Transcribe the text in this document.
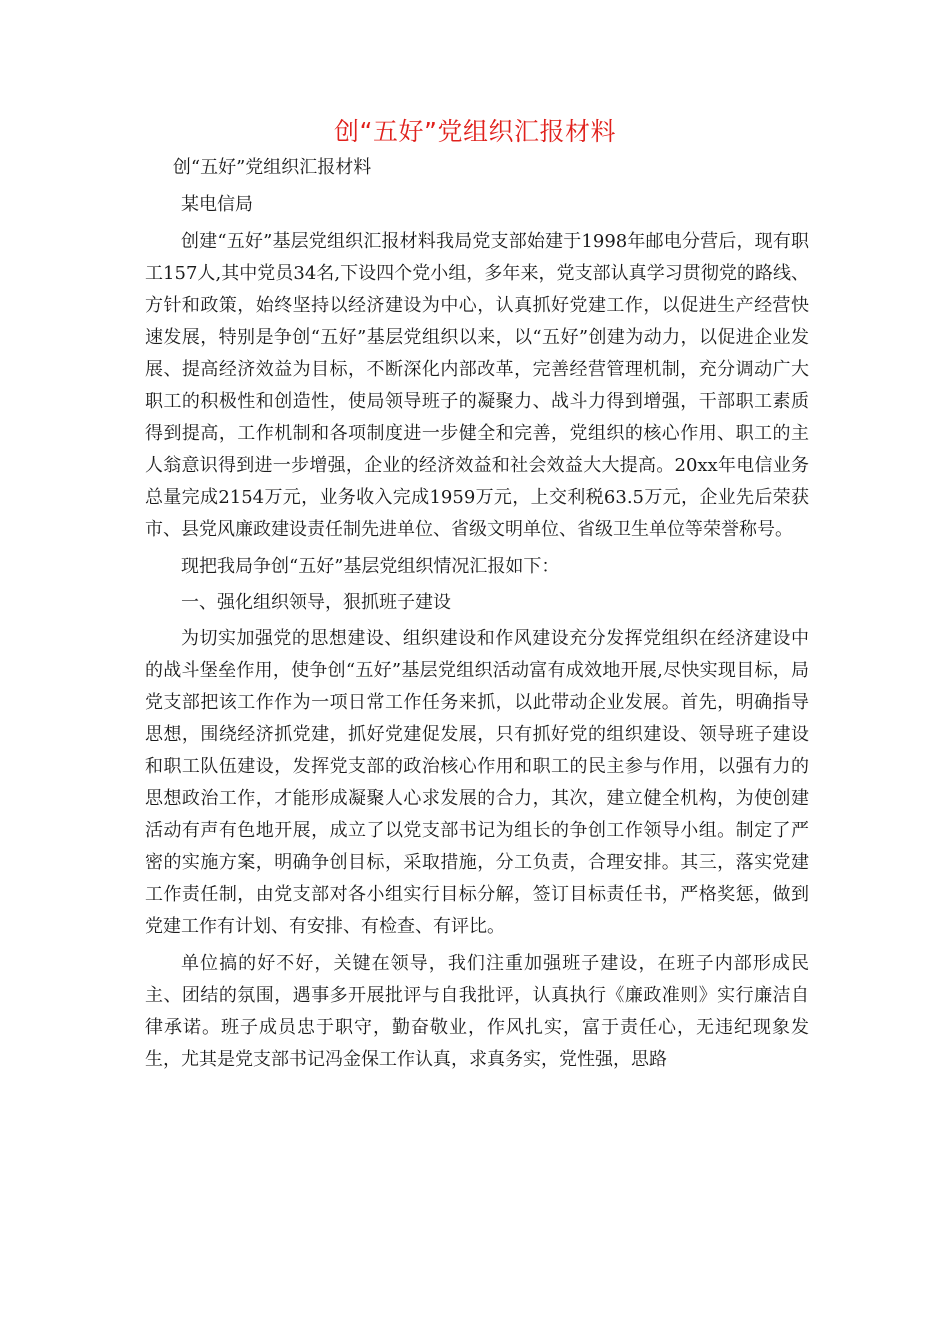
创“五好”党组织汇报材料

创“五好”党组织汇报材料

某电信局

创建“五好”基层党组织汇报材料我局党支部始建于1998年邮电分营后，现有职工157人,其中党员34名,下设四个党小组，多年来，党支部认真学习贯彻党的路线、方针和政策，始终坚持以经济建设为中心，认真抓好党建工作，以促进生产经营快速发展，特别是争创“五好”基层党组织以来，以“五好”创建为动力，以促进企业发展、提高经济效益为目标，不断深化内部改革，完善经营管理机制，充分调动广大职工的积极性和创造性，使局领导班子的凝聚力、战斗力得到增强，干部职工素质得到提高，工作机制和各项制度进一步健全和完善，党组织的核心作用、职工的主人翁意识得到进一步增强，企业的经济效益和社会效益大大提高。20xx年电信业务总量完成2154万元，业务收入完成1959万元，上交利税63.5万元，企业先后荣获市、县党风廉政建设责任制先进单位、省级文明单位、省级卫生单位等荣誉称号。

现把我局争创“五好”基层党组织情况汇报如下：

一、强化组织领导，狠抓班子建设

为切实加强党的思想建设、组织建设和作风建设充分发挥党组织在经济建设中的战斗堡垒作用，使争创“五好”基层党组织活动富有成效地开展,尽快实现目标，局党支部把该工作作为一项日常工作任务来抓，以此带动企业发展。首先，明确指导思想，围绕经济抓党建，抓好党建促发展，只有抓好党的组织建设、领导班子建设和职工队伍建设，发挥党支部的政治核心作用和职工的民主参与作用，以强有力的思想政治工作，才能形成凝聚人心求发展的合力，其次，建立健全机构，为使创建活动有声有色地开展，成立了以党支部书记为组长的争创工作领导小组。制定了严密的实施方案，明确争创目标，采取措施，分工负责，合理安排。其三，落实党建工作责任制，由党支部对各小组实行目标分解，签订目标责任书，严格奖惩，做到党建工作有计划、有安排、有检查、有评比。

单位搞的好不好，关键在领导，我们注重加强班子建设，在班子内部形成民主、团结的氛围，遇事多开展批评与自我批评，认真执行《廉政准则》实行廉洁自律承诺。班子成员忠于职守，勤奋敬业，作风扎实，富于责任心，无违纪现象发生，尤其是党支部书记冯金保工作认真，求真务实，党性强，思路
